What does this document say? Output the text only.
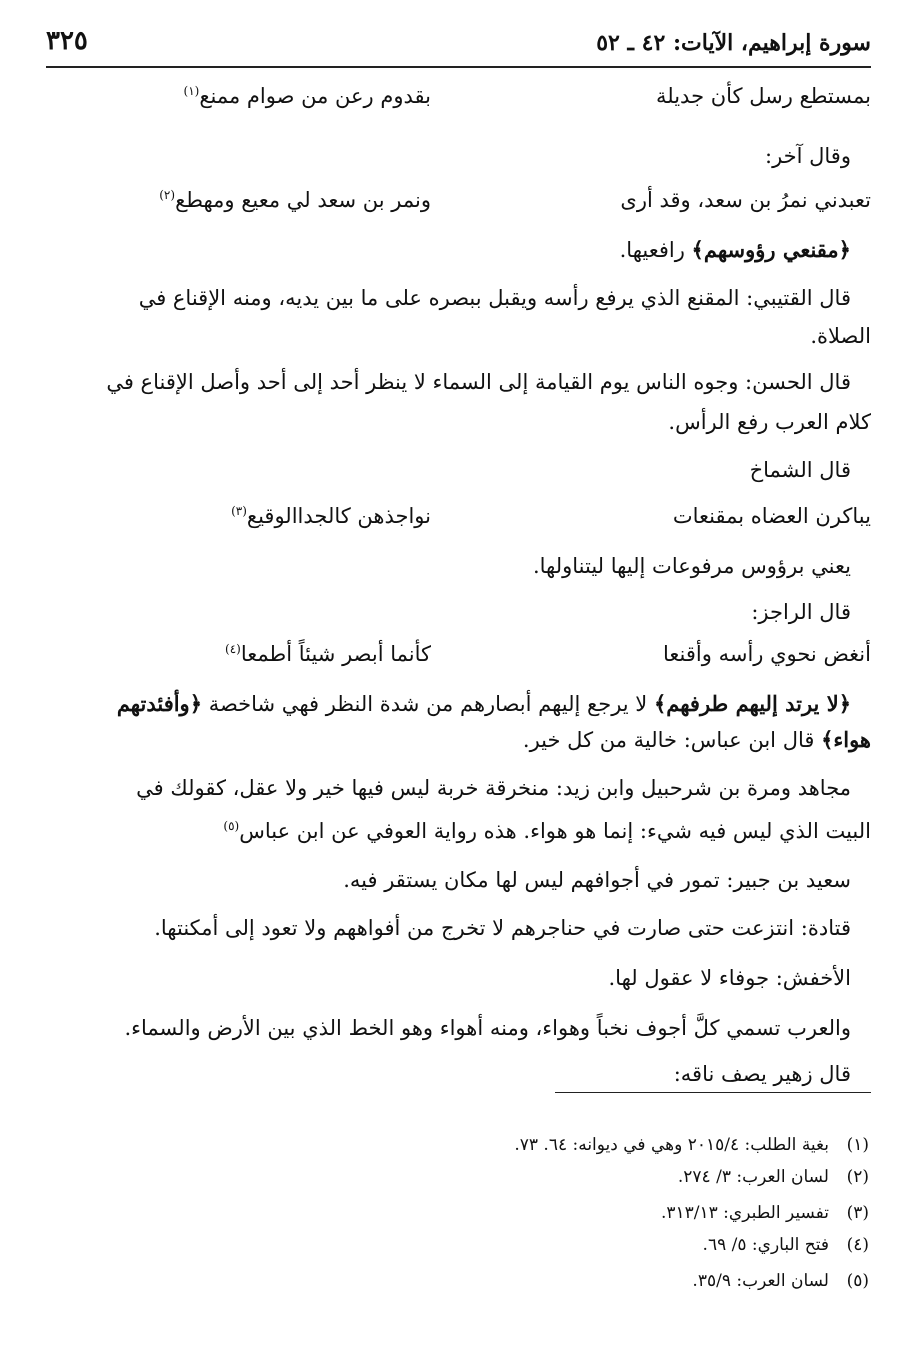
سورة إبراهيم، الآيات: ٤٢ ـ ٥٢
٣٢٥
بمستطع رسل كأن جديلة
بقدوم رعن من صوام ممنع$^{(١)}$
وقال آخر:
تعبدني نمرُ بن سعد، وقد أرى
ونمر بن سعد لي معيع ومهطع$^{(٢)}$
﴿مقنعي رؤوسهم﴾ رافعيها.
قال القتيبي: المقنع الذي يرفع رأسه ويقبل ببصره على ما بين يديه، ومنه الإقناع في
الصلاة.
قال الحسن: وجوه الناس يوم القيامة إلى السماء لا ينظر أحد إلى أحد وأصل الإقناع في
كلام العرب رفع الرأس.
قال الشماخ
يباكرن العضاه بمقنعات
نواجذهن كالجداالوقيع$^{(٣)}$
يعني برؤوس مرفوعات إليها ليتناولها.
قال الراجز:
أنغض نحوي رأسه وأقنعا
كأنما أبصر شيئاً أطمعا$^{(٤)}$
﴿لا يرتد إليهم طرفهم﴾ لا يرجع إليهم أبصارهم من شدة النظر فهي شاخصة ﴿وأفئدتهم
هواء﴾ قال ابن عباس: خالية من كل خير.
مجاهد ومرة بن شرحبيل وابن زيد: منخرقة خربة ليس فيها خير ولا عقل، كقولك في
البيت الذي ليس فيه شيء: إنما هو هواء. هذه رواية العوفي عن ابن عباس$^{(٥)}$
سعيد بن جبير: تمور في أجوافهم ليس لها مكان يستقر فيه.
قتادة: انتزعت حتى صارت في حناجرهم لا تخرج من أفواههم ولا تعود إلى أمكنتها.
الأخفش: جوفاء لا عقول لها.
والعرب تسمي كلَّ أجوف نخباً وهواء، ومنه أهواء وهو الخط الذي بين الأرض والسماء.
قال زهير يصف ناقه:
(١)بغية الطلب: ٢٠١٥/٤ وهي في ديوانه: ٦٤. ٧٣.
(٢)لسان العرب: ٣/ ٢٧٤.
(٣)تفسير الطبري: ٣١٣/١٣.
(٤)فتح الباري: ٥/ ٦٩.
(٥)لسان العرب: ٣٥/٩.
